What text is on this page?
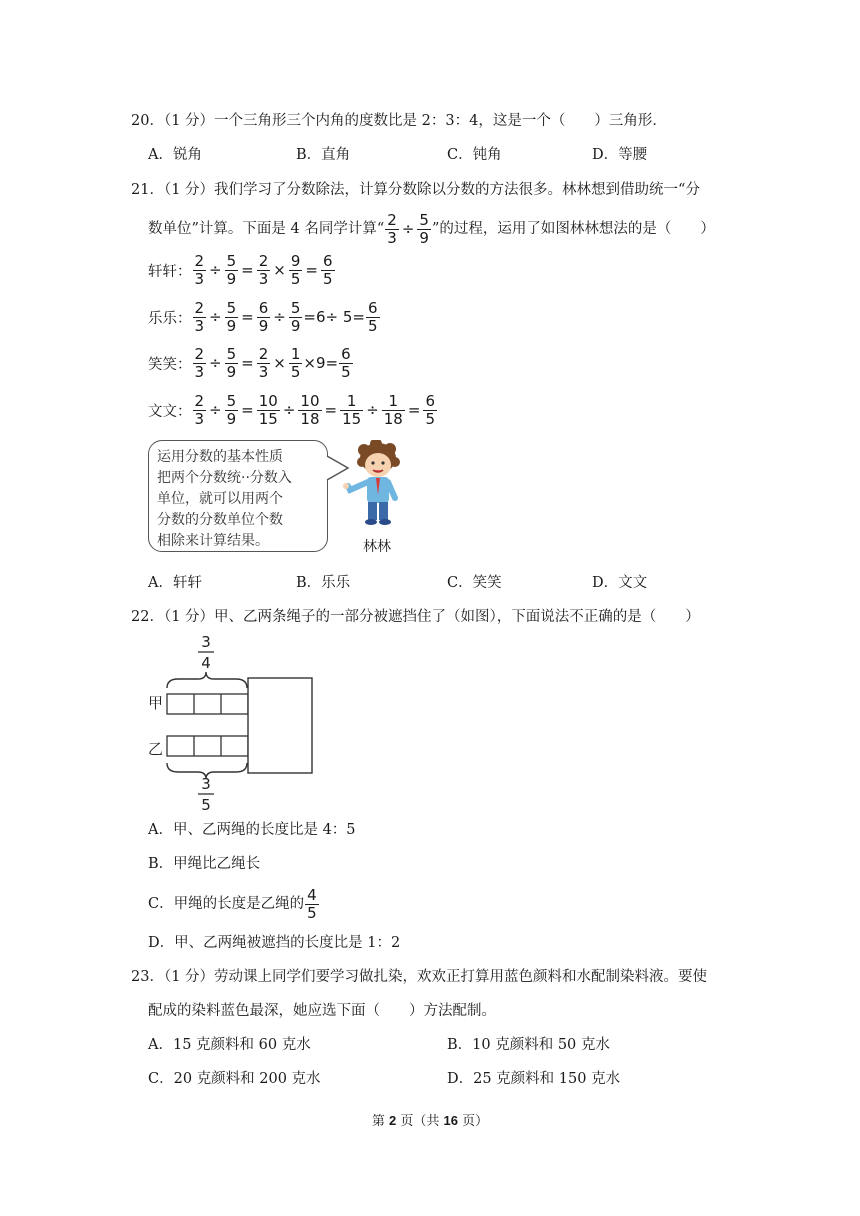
20．（1 分）一个三角形三个内角的度数比是 2：3：4，这是一个（　　）三角形．
A．锐角	B．直角	C．钝角	D．等腰
21．（1 分）我们学习了分数除法，计算分数除以分数的方法很多。林林想到借助统一“分
数单位”计算。下面是 4 名同学计算“ $\frac{2}{3} \div \frac{5}{9}$ ”的过程，运用了如图林林想法的是（　　）
轩轩： $\frac{2}{3} \div \frac{5}{9} = \frac{2}{3} \times \frac{9}{5} = \frac{6}{5}$
乐乐： $\frac{2}{3} \div \frac{5}{9} = \frac{6}{9} \div \frac{5}{9} =6\div 5= \frac{6}{5}$
笑笑： $\frac{2}{3} \div \frac{5}{9} = \frac{2}{3} \times \frac{1}{5} \times 9= \frac{6}{5}$
文文： $\frac{2}{3} \div \frac{5}{9} = \frac{10}{15} \div \frac{10}{18} = \frac{1}{15} \div \frac{1}{18} = \frac{6}{5}$
运用分数的基本性质
把两个分数统··分数入
单位，就可以用两个
分数的分数单位个数
相除来计算结果。	林林
A．轩轩	B．乐乐	C．笑笑	D．文文
22．（1 分）甲、乙两条绳子的一部分被遮挡住了（如图），下面说法不正确的是（　　）
3
4
甲
乙
3
5
A．甲、乙两绳的长度比是 4：5
B．甲绳比乙绳长
C．甲绳的长度是乙绳的 $\frac{4}{5}$
D．甲、乙两绳被遮挡的长度比是 1：2
23．（1 分）劳动课上同学们要学习做扎染，欢欢正打算用蓝色颜料和水配制染料液。要使
配成的染料蓝色最深，她应选下面（　　）方法配制。
A．15 克颜料和 60 克水	B．10 克颜料和 50 克水
C．20 克颜料和 200 克水	D．25 克颜料和 150 克水
第 2 页（共 16 页）
